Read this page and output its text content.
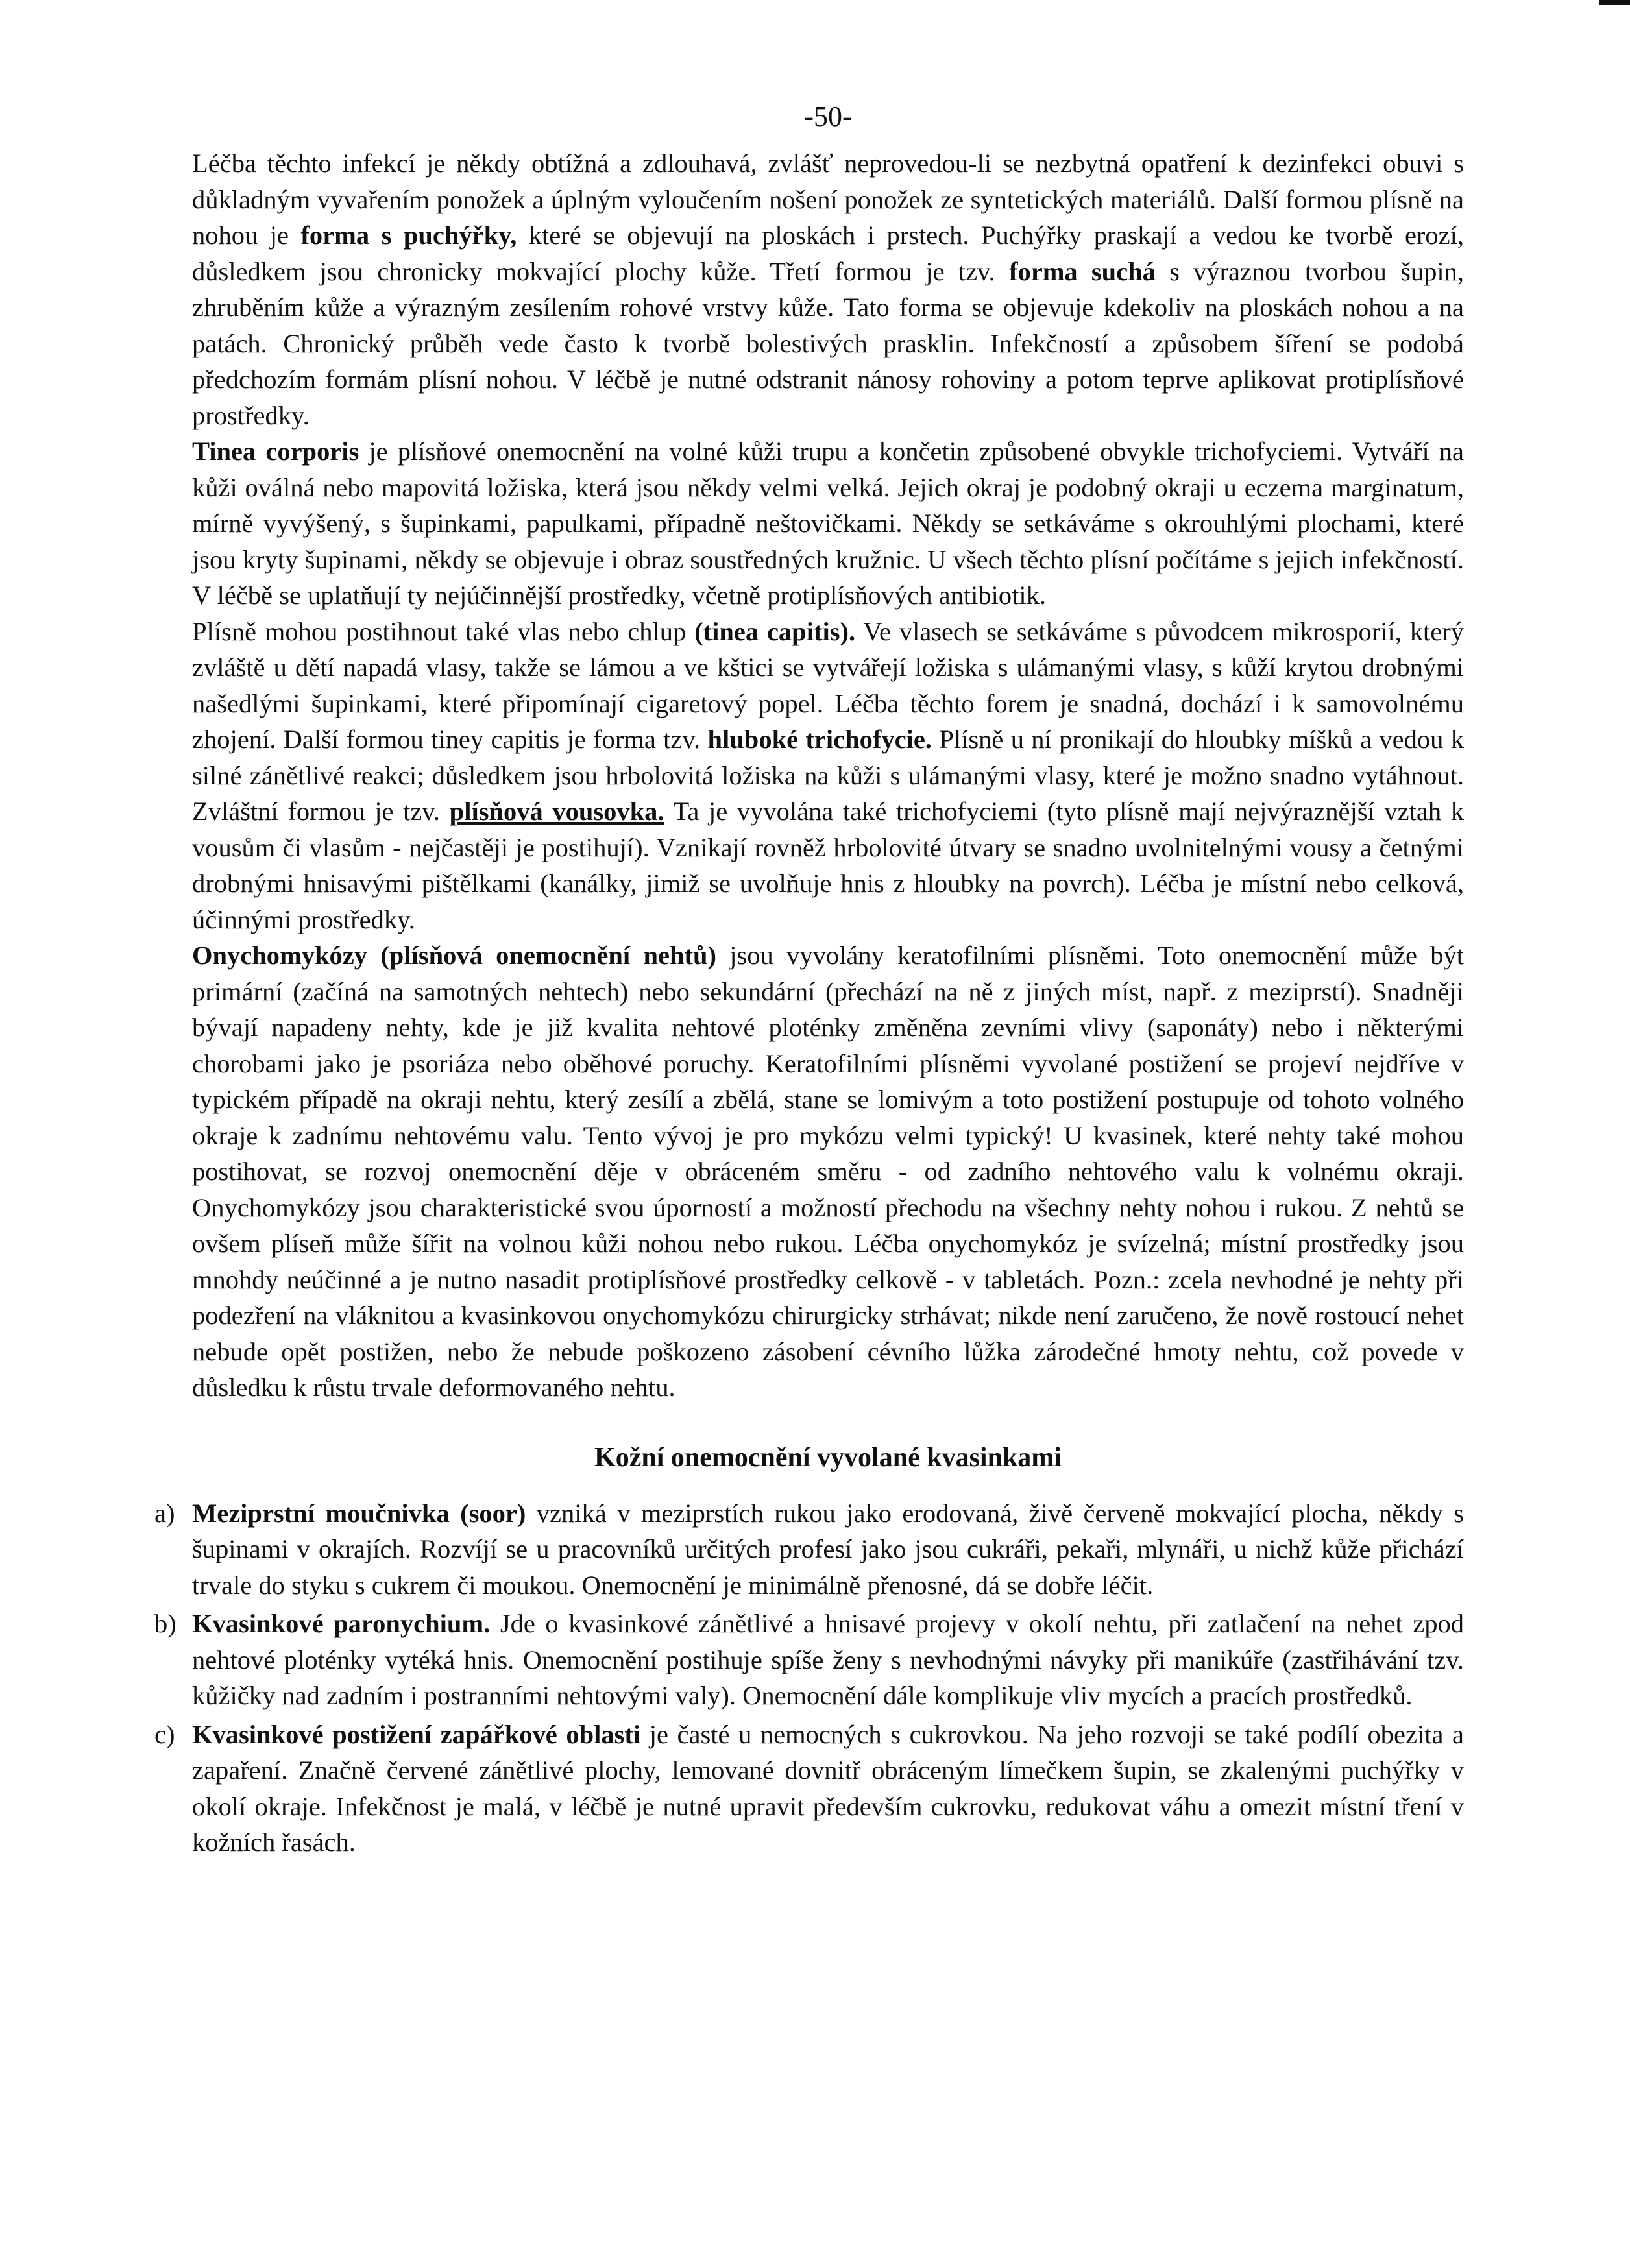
-50-

Léčba těchto infekcí je někdy obtížná a zdlouhavá, zvlášť neprovedou-li se nezbytná opatření k dezinfekci obuvi s důkladným vyvařením ponožek a úplným vyloučením nošení ponožek ze syntetických materiálů. Další formou plísně na nohou je forma s puchýřky, které se objevují na ploskách i prstech. Puchýřky praskají a vedou ke tvorbě erozí, důsledkem jsou chronicky mokvající plochy kůže. Třetí formou je tzv. forma suchá s výraznou tvorbou šupin, zhruběním kůže a výrazným zesílením rohové vrstvy kůže. Tato forma se objevuje kdekoliv na ploskách nohou a na patách. Chronický průběh vede často k tvorbě bolestivých prasklin. Infekčností a způsobem šíření se podobá předchozím formám plísní nohou. V léčbě je nutné odstranit nánosy rohoviny a potom teprve aplikovat protiplísňové prostředky.

Tinea corporis je plísňové onemocnění na volné kůži trupu a končetin způsobené obvykle trichofyciemi. Vytváří na kůži oválná nebo mapovitá ložiska, která jsou někdy velmi velká. Jejich okraj je podobný okraji u eczema marginatum, mírně vyvýšený, s šupinkami, papulkami, případně neštovičkami. Někdy se setkáváme s okrouhlými plochami, které jsou kryty šupinami, někdy se objevuje i obraz soustředných kružnic. U všech těchto plísní počítáme s jejich infekčností. V léčbě se uplatňují ty nejúčinnější prostředky, včetně protiplísňových antibiotik.

Plísně mohou postihnout také vlas nebo chlup (tinea capitis). Ve vlasech se setkáváme s původcem mikrosporií, který zvláště u dětí napadá vlasy, takže se lámou a ve kštici se vytvářejí ložiska s ulámanými vlasy, s kůží krytou drobnými našedlými šupinkami, které připomínají cigaretový popel. Léčba těchto forem je snadná, dochází i k samovolnému zhojení. Další formou tiney capitis je forma tzv. hluboké trichofycie. Plísně u ní pronikají do hloubky míšků a vedou k silné zánětlivé reakci; důsledkem jsou hrbolovitá ložiska na kůži s ulámanými vlasy, které je možno snadno vytáhnout. Zvláštní formou je tzv. plísňová vousovka. Ta je vyvolána také trichofyciemi (tyto plísně mají nejvýraznější vztah k vousům či vlasům - nejčastěji je postihují). Vznikají rovněž hrbolovité útvary se snadno uvolnitelnými vousy a četnými drobnými hnisavými pištělkami (kanálky, jimiž se uvolňuje hnis z hloubky na povrch). Léčba je místní nebo celková, účinnými prostředky.

Onychomykózy (plísňová onemocnění nehtů) jsou vyvolány keratofilními plísněmi. Toto onemocnění může být primární (začíná na samotných nehtech) nebo sekundární (přechází na ně z jiných míst, např. z meziprstí). Snadněji bývají napadeny nehty, kde je již kvalita nehtové ploténky změněna zevními vlivy (saponáty) nebo i některými chorobami jako je psoriáza nebo oběhové poruchy. Keratofilními plísněmi vyvolané postižení se projeví nejdříve v typickém případě na okraji nehtu, který zesílí a zbělá, stane se lomivým a toto postižení postupuje od tohoto volného okraje k zadnímu nehtovému valu. Tento vývoj je pro mykózu velmi typický! U kvasinek, které nehty také mohou postihovat, se rozvoj onemocnění děje v obráceném směru - od zadního nehtového valu k volnému okraji. Onychomykózy jsou charakteristické svou úporností a možností přechodu na všechny nehty nohou i rukou. Z nehtů se ovšem plíseň může šířit na volnou kůži nohou nebo rukou. Léčba onychomykóz je svízelná; místní prostředky jsou mnohdy neúčinné a je nutno nasadit protiplísňové prostředky celkově - v tabletách. Pozn.: zcela nevhodné je nehty při podezření na vláknitou a kvasinkovou onychomykózu chirurgicky strhávat; nikde není zaručeno, že nově rostoucí nehet nebude opět postižen, nebo že nebude poškozeno zásobení cévního lůžka zárodečné hmoty nehtu, což povede v důsledku k růstu trvale deformovaného nehtu.

Kožní onemocnění vyvolané kvasinkami
a) Meziprstní moučnivka (soor) vzniká v meziprstích rukou jako erodovaná, živě červeně mokvající plocha, někdy s šupinami v okrajích. Rozvíjí se u pracovníků určitých profesí jako jsou cukráři, pekaři, mlynáři, u nichž kůže přichází trvale do styku s cukrem či moukou. Onemocnění je minimálně přenosné, dá se dobře léčit.
b) Kvasinkové paronychium. Jde o kvasinkové zánětlivé a hnisavé projevy v okolí nehtu, při zatlačení na nehet zpod nehtové ploténky vytéká hnis. Onemocnění postihuje spíše ženy s nevhodnými návyky při manikúře (zastřihávání tzv. kůžičky nad zadním i postranními nehtovými valy). Onemocnění dále komplikuje vliv mycích a pracích prostředků.
c) Kvasinkové postižení zapářkové oblasti je časté u nemocných s cukrovkou. Na jeho rozvoji se také podílí obezita a zapaření. Značně červené zánětlivé plochy, lemované dovnitř obráceným límečkem šupin, se zkalenými puchýřky v okolí okraje. Infekčnost je malá, v léčbě je nutné upravit především cukrovku, redukovat váhu a omezit místní tření v kožních řasách.
